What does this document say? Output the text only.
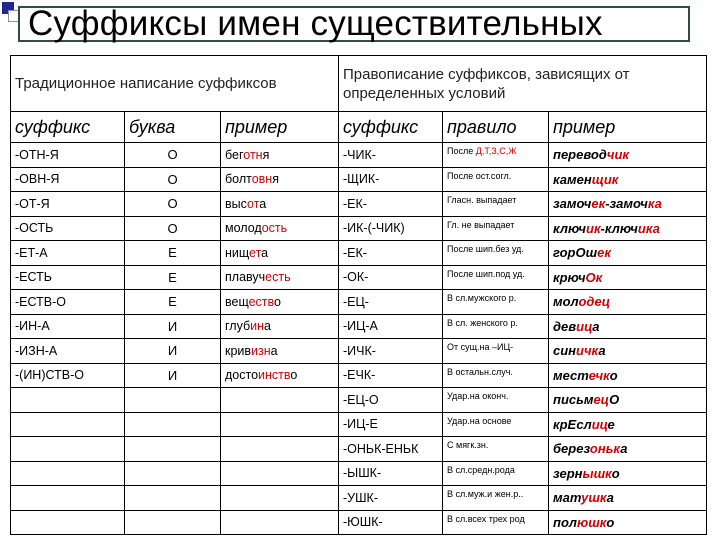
Суффиксы имен существительных
Традиционное написание суффиксов			Правописание суффиксов, зависящих от определенных условий		
суффикс	буква	пример	суффикс	правило	пример
-ОТН-Я	О	беготня	-ЧИК-	После Д,Т,З,С,Ж	переводчик
-ОВН-Я	О	болтовня	-ЩИК-	После ост.согл.	каменщик
-ОТ-Я	О	высота	-ЕК-	Гласн. выпадает	замочек-замочка
-ОСТЬ	О	молодость	-ИК-(-ЧИК)	Гл. не выпадает	ключик-ключика
-ЕТ-А	Е	нищета	-ЕК-	После шип.без уд.	горОшек
-ЕСТЬ	Е	плавучесть	-ОК-	После шип.под уд.	крючОк
-ЕСТВ-О	Е	вещество	-ЕЦ-	В сл.мужского р.	молодец
-ИН-А	И	глубина	-ИЦ-А	В сл. женского р.	девица
-ИЗН-А	И	кривизна	-ИЧК-	От сущ.на –ИЦ-	синичка
-(ИН)СТВ-О	И	достоинство	-ЕЧК-	В остальн.случ.	местечко
			-ЕЦ-О	Удар.на оконч.	письмецО
			-ИЦ-Е	Удар.на основе	крЕслице
			-ОНЬК-ЕНЬК	С мягк.зн.	березонька
			-ЫШК-	В сл.средн.рода	зернышко
			-УШК-	В сл.муж.и жен.р..	матушка
			-ЮШК-	В сл.всех трех род	полюшко
